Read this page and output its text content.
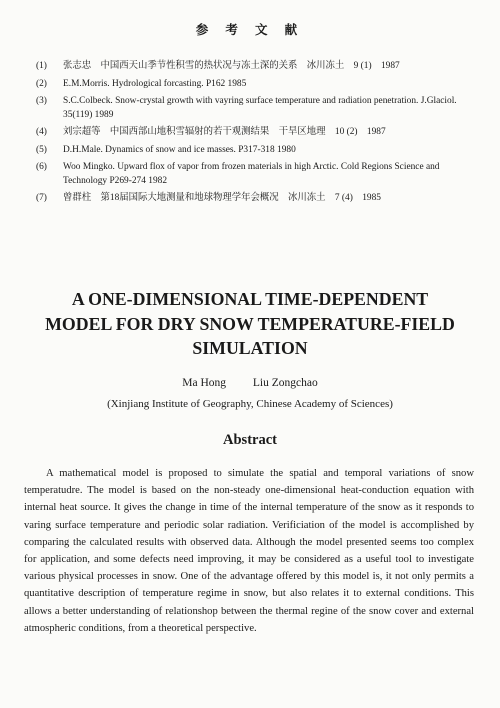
参 考 文 献
(1) 张志忠　中国西天山季节性积雪的热状况与冻土深的关系　冰川冻土　9 (1)　1987
(2) E.M.Morris. Hydrological forcasting. P162 1985
(3) S.C.Colbeck. Snow-crystal growth with vayring surface temperature and radiation penetration. J.Glaciol. 35(119) 1989
(4) 刘宗超等　中国西部山地积雪辐射的若干观测结果　干旱区地理　10 (2)　1987
(5) D.H.Male. Dynamics of snow and ice masses. P317-318 1980
(6) Woo Mingko. Upward flox of vapor from frozen materials in high Arctic. Cold Regions Science and Technology P269-274 1982
(7) 曾群柱　第18届国际大地测量和地球物理学年会概况　冰川冻土　7 (4)　1985
A ONE-DIMENSIONAL TIME-DEPENDENT MODEL FOR DRY SNOW TEMPERATURE-FIELD SIMULATION
Ma Hong Liu Zongchao
(Xinjiang Institute of Geography, Chinese Academy of Sciences)
Abstract

A mathematical model is proposed to simulate the spatial and temporal variations of snow temperatudre. The model is based on the non-steady one-dimensional heat-conduction equation with internal heat source. It gives the change in time of the internal temperature of the snow as it responds to varing surface temperature and periodic solar radiation. Verificiation of the model is accomplished by comparing the calculated results with observed data. Although the model presented seems too complex for application, and some defects need improving, it may be considered as a useful tool to investigate various physical processes in snow. One of the advantage offered by this model is, it not only permits a quantitative description of temperature regime in snow, but also relates it to external conditions. This allows a better understanding of relationshop between the thermal regine of the snow cover and external atmospheric conditions, from a theoretical perspective.
